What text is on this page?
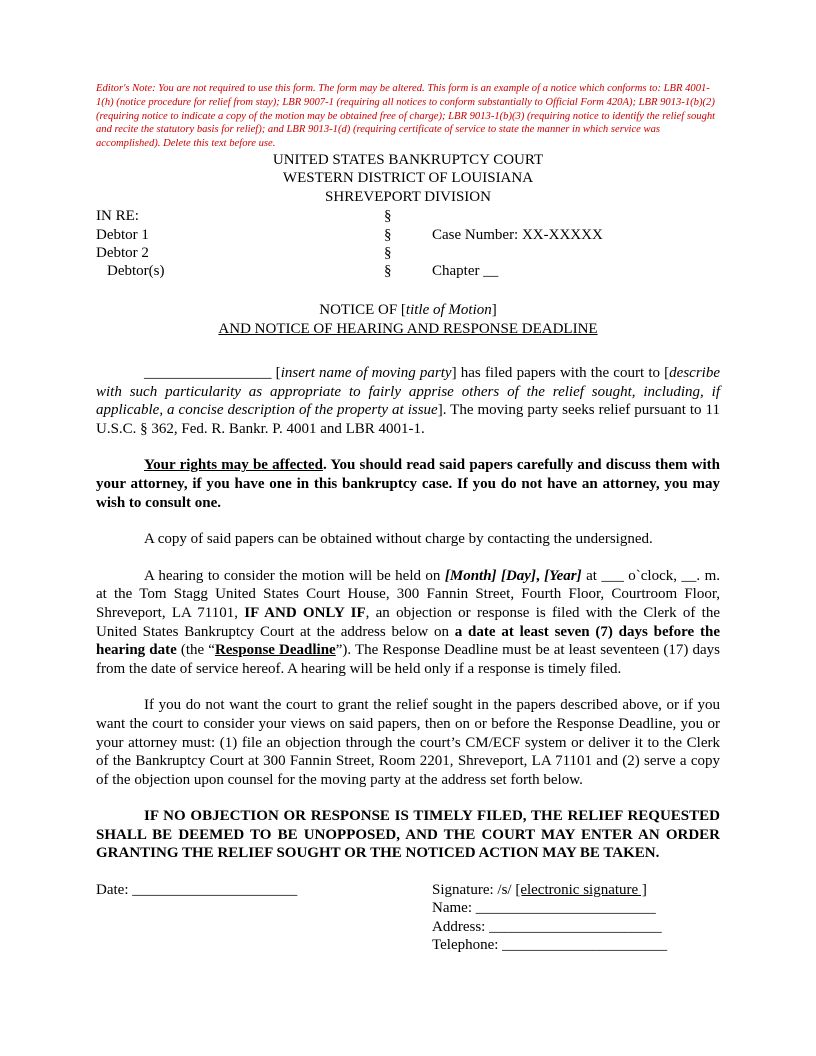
Editor's Note: You are not required to use this form. The form may be altered. This form is an example of a notice which conforms to: LBR 4001-1(h) (notice procedure for relief from stay); LBR 9007-1 (requiring all notices to conform substantially to Official Form 420A); LBR 9013-1(b)(2) (requiring notice to indicate a copy of the motion may be obtained free of charge); LBR 9013-1(b)(3) (requiring notice to identify the relief sought and recite the statutory basis for relief); and LBR 9013-1(d) (requiring certificate of service to state the manner in which service was accomplished). Delete this text before use.

UNITED STATES BANKRUPTCY COURT
WESTERN DISTRICT OF LOUISIANA
SHREVEPORT DIVISION
IN RE:
Debtor 1
Debtor 2
Debtor(s)
§
§
§
§

Case Number: XX-XXXXX

Chapter __
NOTICE OF [title of Motion]
AND NOTICE OF HEARING AND RESPONSE DEADLINE

_________________ [insert name of moving party] has filed papers with the court to [describe with such particularity as appropriate to fairly apprise others of the relief sought, including, if applicable, a concise description of the property at issue]. The moving party seeks relief pursuant to 11 U.S.C. § 362, Fed. R. Bankr. P. 4001 and LBR 4001-1.

Your rights may be affected. You should read said papers carefully and discuss them with your attorney, if you have one in this bankruptcy case. If you do not have an attorney, you may wish to consult one.

A copy of said papers can be obtained without charge by contacting the undersigned.

A hearing to consider the motion will be held on [Month] [Day], [Year] at ___ o`clock, __. m. at the Tom Stagg United States Court House, 300 Fannin Street, Fourth Floor, Courtroom Floor, Shreveport, LA 71101, IF AND ONLY IF, an objection or response is filed with the Clerk of the United States Bankruptcy Court at the address below on a date at least seven (7) days before the hearing date (the “Response Deadline”). The Response Deadline must be at least seventeen (17) days from the date of service hereof. A hearing will be held only if a response is timely filed.

If you do not want the court to grant the relief sought in the papers described above, or if you want the court to consider your views on said papers, then on or before the Response Deadline, you or your attorney must: (1) file an objection through the court’s CM/ECF system or deliver it to the Clerk of the Bankruptcy Court at 300 Fannin Street, Room 2201, Shreveport, LA 71101 and (2) serve a copy of the objection upon counsel for the moving party at the address set forth below.

IF NO OBJECTION OR RESPONSE IS TIMELY FILED, THE RELIEF REQUESTED SHALL BE DEEMED TO BE UNOPPOSED, AND THE COURT MAY ENTER AN ORDER GRANTING THE RELIEF SOUGHT OR THE NOTICED ACTION MAY BE TAKEN.

Date: ______________________	Signature: /s/ [electronic signature ]
Name: ________________________
Address: _______________________
Telephone: ______________________
